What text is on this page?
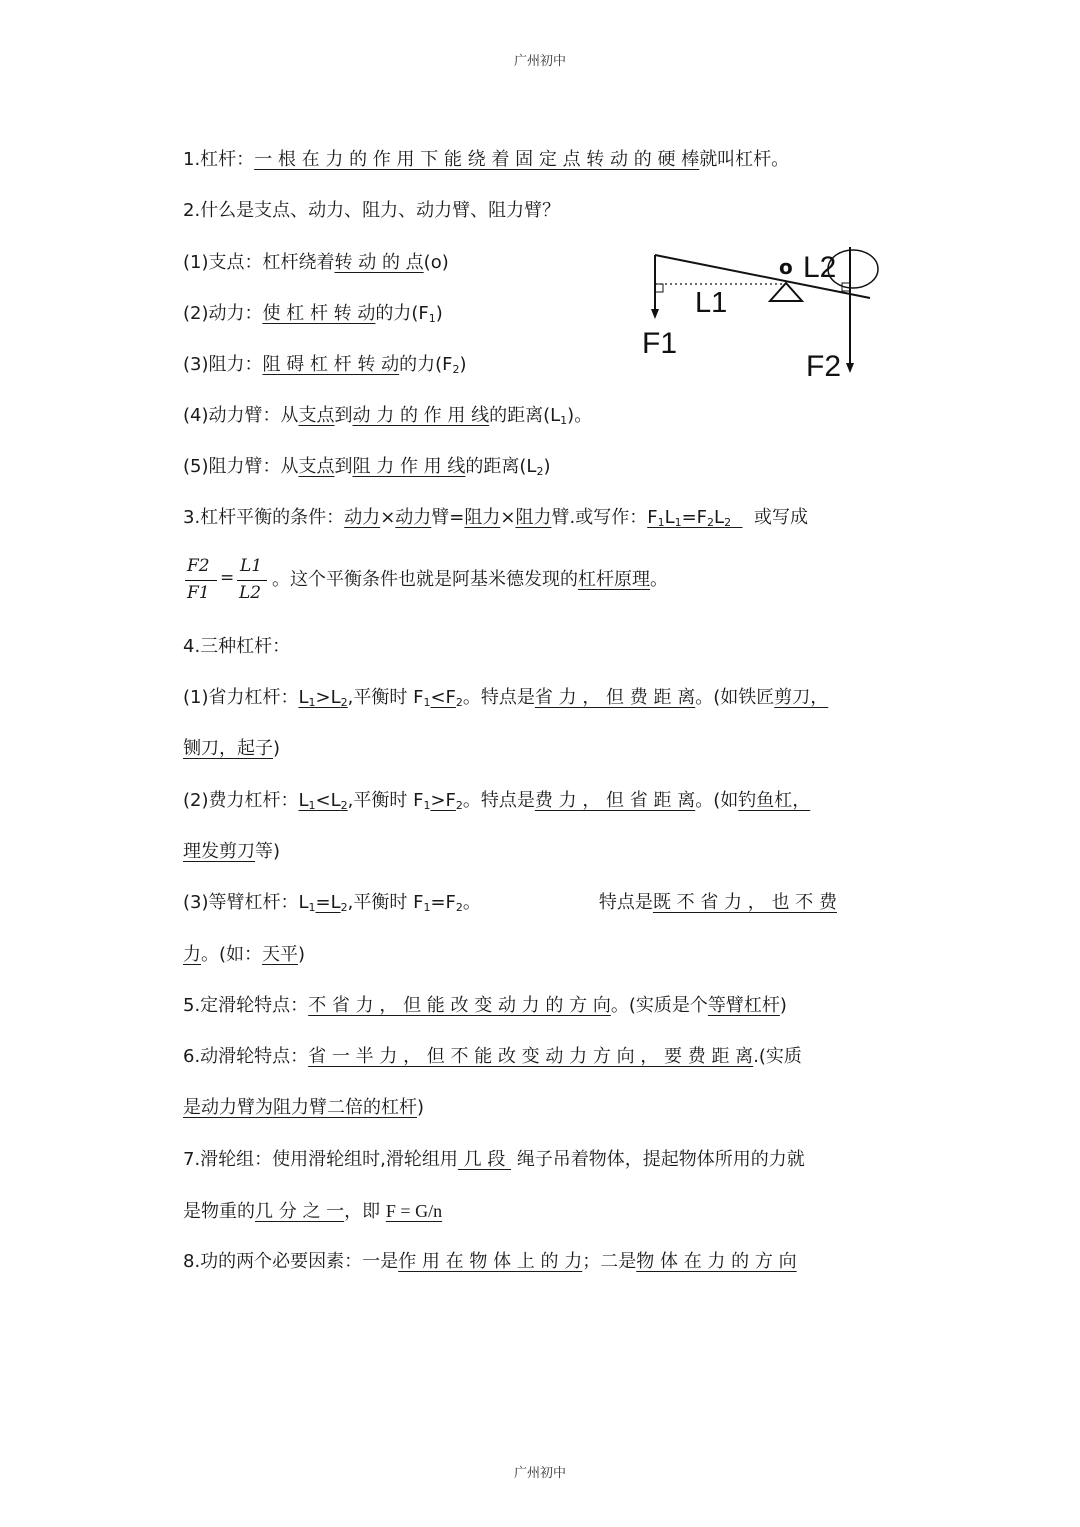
广州初中
1.杠杆：一 根 在 力 的 作 用 下 能 绕 着 固 定 点 转 动 的 硬 棒就叫杠杆。
2.什么是支点、动力、阻力、动力臂、阻力臂？
(1)支点：杠杆绕着转 动 的 点(o)
(2)动力：使 杠 杆 转 动的力$(F_1)$
(3)阻力：阻 碍 杠 杆 转 动的力$(F_2)$
(4)动力臂：从支点到动 力 的 作 用 线的距离$(L_1)$。
(5)阻力臂：从支点到阻 力 作 用 线的距离$(L_2)$
o L2
L1
F1
F2
3.杠杆平衡的条件：动力×动力臂=阻力×阻力臂.或写作：$F_1L_1=F_2L_2$ 或写成
F2
F1
=
L1
L2
。这个平衡条件也就是阿基米德发现的杠杆原理。
4.三种杠杆：
(1)省力杠杆：$L_1>L_2$,平衡时 $F_1<F_2$。特点是省 力 ， 但 费 距 离。(如铁匠剪刀，
铡刀，起子)
(2)费力杠杆：$L_1<L_2$,平衡时 $F_1>F_2$。特点是费 力 ， 但 省 距 离。(如钓鱼杠，
理发剪刀等)
(3)等臂杠杆：$L_1=L_2$,平衡时 $F_1=F_2$。	特点是既 不 省 力 ， 也 不 费
力。(如：天平)
5.定滑轮特点：不 省 力 ， 但 能 改 变 动 力 的 方 向。(实质是个等臂杠杆)
6.动滑轮特点：省 一 半 力 ， 但 不 能 改 变 动 力 方 向 ， 要 费 距 离.(实质
是动力臂为阻力臂二倍的杠杆)
7.滑轮组：使用滑轮组时,滑轮组用 几 段  绳子吊着物体，提起物体所用的力就
是物重的几 分 之 一，即 F = G/n
8.功的两个必要因素：一是作 用 在 物 体 上 的 力；二是物 体 在 力 的 方 向
广州初中
